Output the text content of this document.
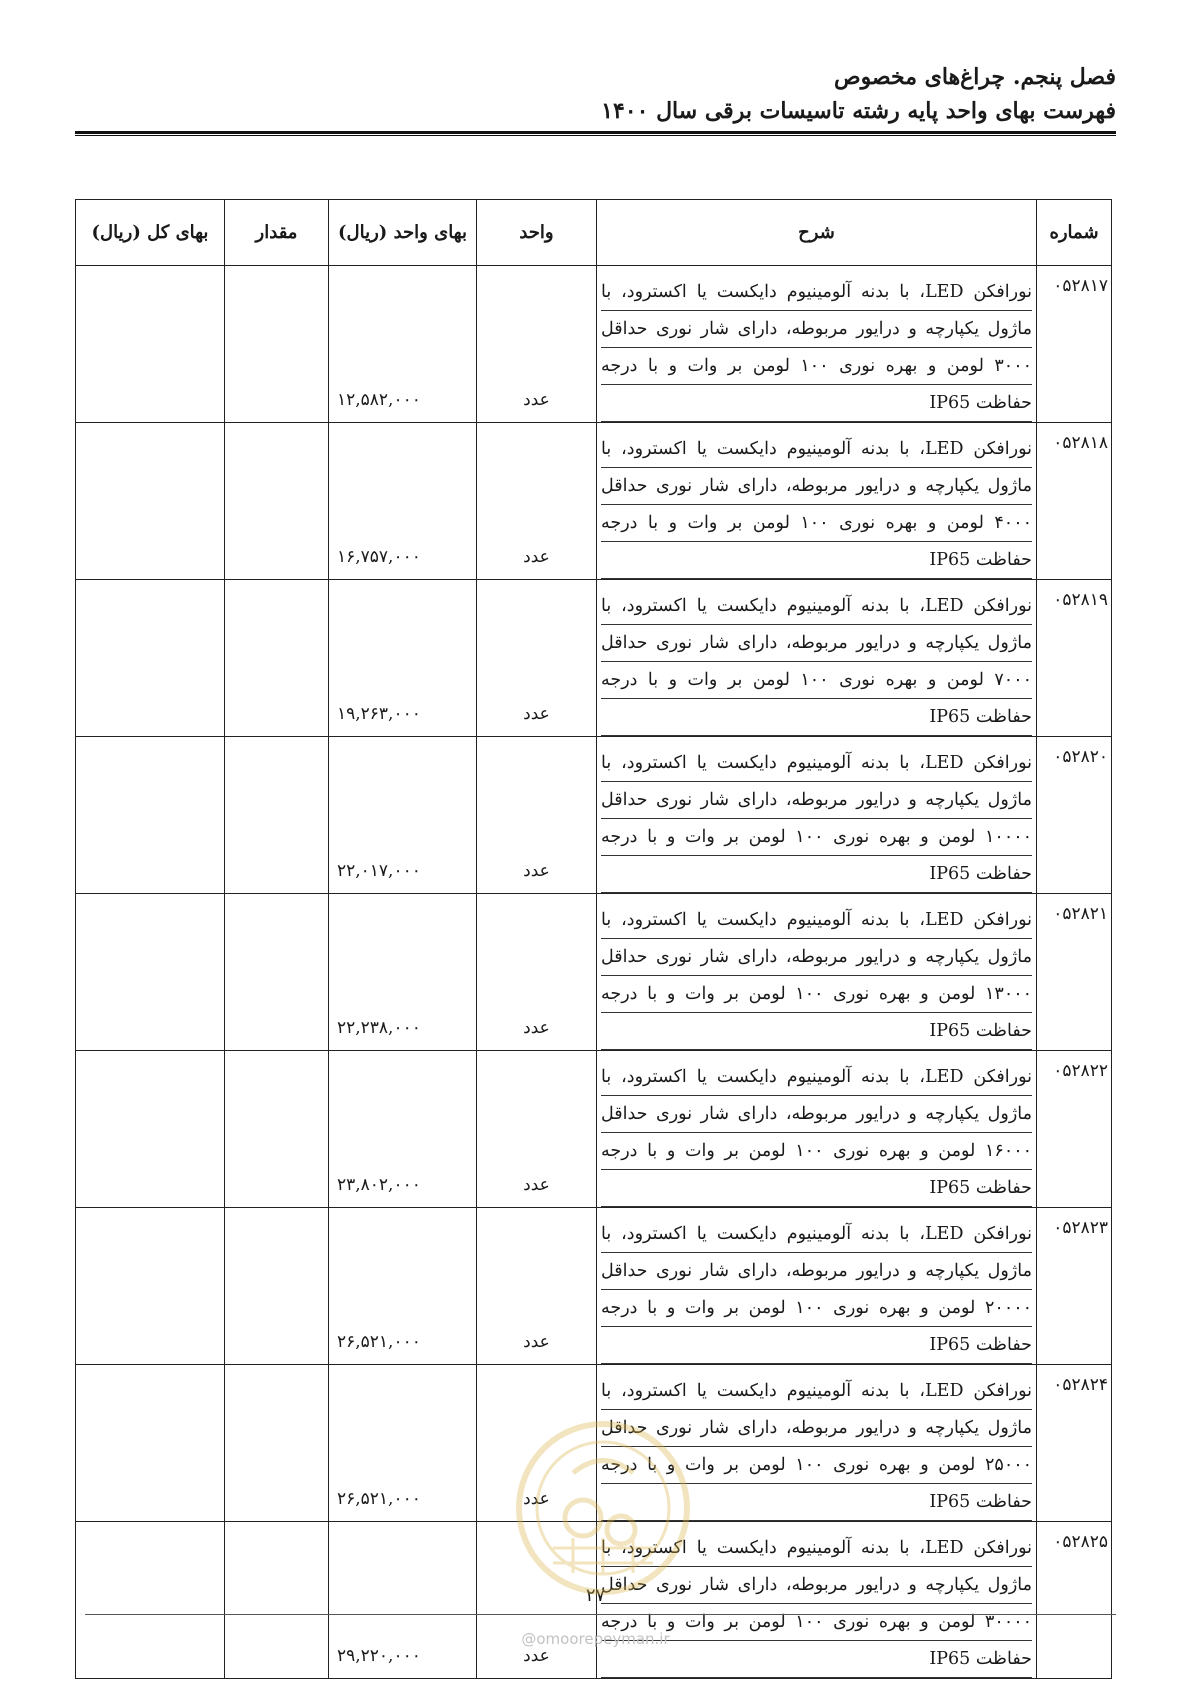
فصل پنجم. چراغ‌های مخصوص
فهرست بهای واحد پایه رشته تاسیسات برقی سال ۱۴۰۰
شماره	شرح	واحد	بهای واحد (ریال)	مقدار	بهای کل (ریال)
۰۵۲۸۱۷	نورافکن LED، با بدنه آلومینیوم دایکست یا اکسترود، با
ماژول یکپارچه و درایور مربوطه، دارای شار نوری حداقل
۳۰۰۰ لومن و بهره نوری ۱۰۰ لومن بر وات و با درجه
حفاظت IP65	عدد	۱۲,۵۸۲,۰۰۰		
۰۵۲۸۱۸	نورافکن LED، با بدنه آلومینیوم دایکست یا اکسترود، با
ماژول یکپارچه و درایور مربوطه، دارای شار نوری حداقل
۴۰۰۰ لومن و بهره نوری ۱۰۰ لومن بر وات و با درجه
حفاظت IP65	عدد	۱۶,۷۵۷,۰۰۰		
۰۵۲۸۱۹	نورافکن LED، با بدنه آلومینیوم دایکست یا اکسترود، با
ماژول یکپارچه و درایور مربوطه، دارای شار نوری حداقل
۷۰۰۰ لومن و بهره نوری ۱۰۰ لومن بر وات و با درجه
حفاظت IP65	عدد	۱۹,۲۶۳,۰۰۰		
۰۵۲۸۲۰	نورافکن LED، با بدنه آلومینیوم دایکست یا اکسترود، با
ماژول یکپارچه و درایور مربوطه، دارای شار نوری حداقل
۱۰۰۰۰ لومن و بهره نوری ۱۰۰ لومن بر وات و با درجه
حفاظت IP65	عدد	۲۲,۰۱۷,۰۰۰		
۰۵۲۸۲۱	نورافکن LED، با بدنه آلومینیوم دایکست یا اکسترود، با
ماژول یکپارچه و درایور مربوطه، دارای شار نوری حداقل
۱۳۰۰۰ لومن و بهره نوری ۱۰۰ لومن بر وات و با درجه
حفاظت IP65	عدد	۲۲,۲۳۸,۰۰۰		
۰۵۲۸۲۲	نورافکن LED، با بدنه آلومینیوم دایکست یا اکسترود، با
ماژول یکپارچه و درایور مربوطه، دارای شار نوری حداقل
۱۶۰۰۰ لومن و بهره نوری ۱۰۰ لومن بر وات و با درجه
حفاظت IP65	عدد	۲۳,۸۰۲,۰۰۰		
۰۵۲۸۲۳	نورافکن LED، با بدنه آلومینیوم دایکست یا اکسترود، با
ماژول یکپارچه و درایور مربوطه، دارای شار نوری حداقل
۲۰۰۰۰ لومن و بهره نوری ۱۰۰ لومن بر وات و با درجه
حفاظت IP65	عدد	۲۶,۵۲۱,۰۰۰		
۰۵۲۸۲۴	نورافکن LED، با بدنه آلومینیوم دایکست یا اکسترود، با
ماژول یکپارچه و درایور مربوطه، دارای شار نوری حداقل
۲۵۰۰۰ لومن و بهره نوری ۱۰۰ لومن بر وات و با درجه
حفاظت IP65	عدد	۲۶,۵۲۱,۰۰۰		
۰۵۲۸۲۵	نورافکن LED، با بدنه آلومینیوم دایکست یا اکسترود، با
ماژول یکپارچه و درایور مربوطه، دارای شار نوری حداقل
۳۰۰۰۰ لومن و بهره نوری ۱۰۰ لومن بر وات و با درجه
حفاظت IP65	عدد	۲۹,۲۲۰,۰۰۰		
۲۷
@omoorepeyman.ir
